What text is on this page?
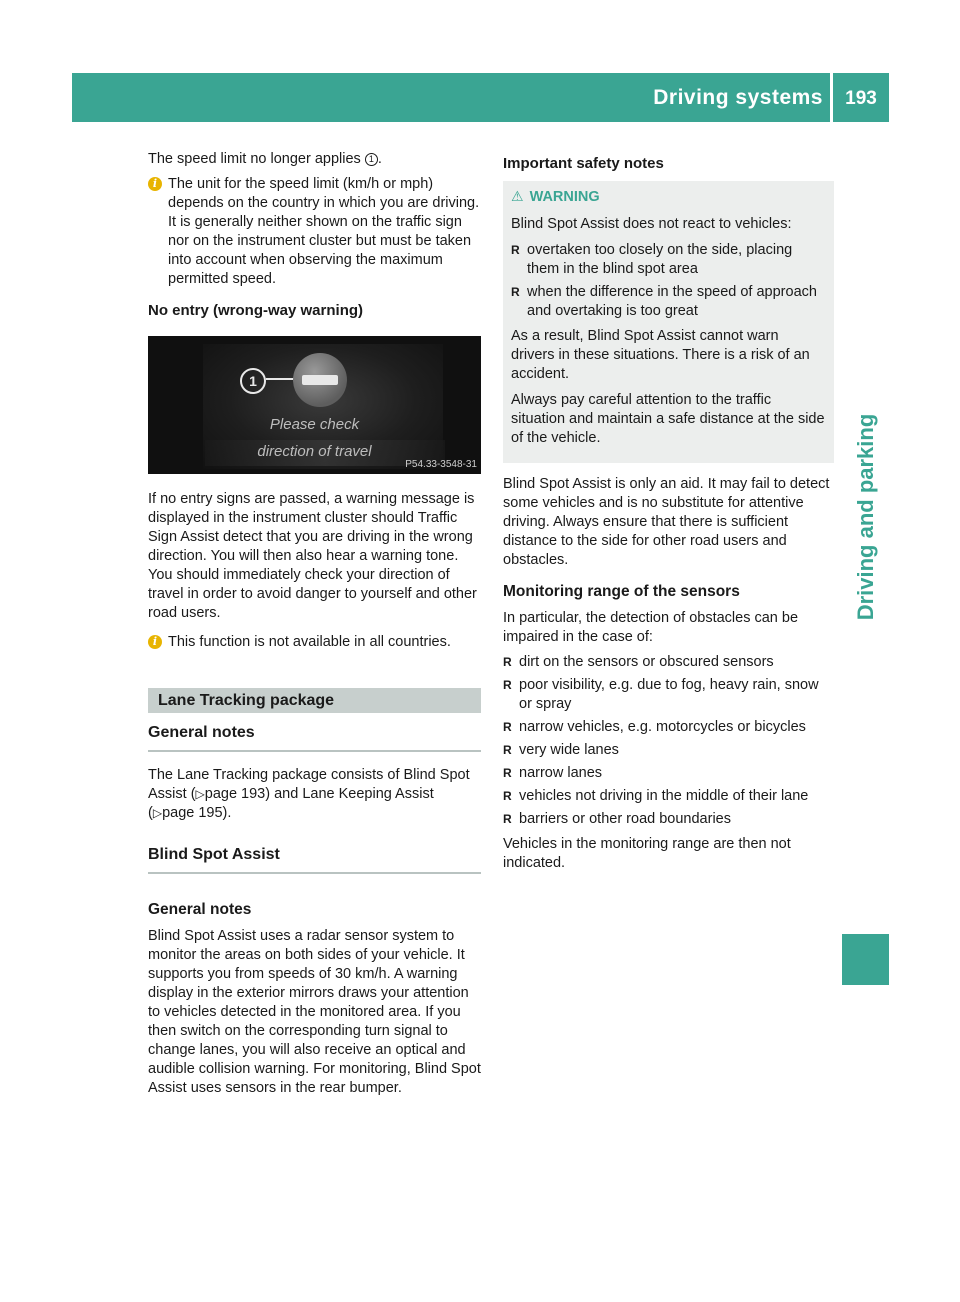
Driving systems	193
Driving and parking

The speed limit no longer applies 1 .

i The unit for the speed limit (km/h or mph) depends on the country in which you are driving. It is generally neither shown on the traffic sign nor on the instrument cluster but must be taken into account when observing the maximum permitted speed.
No entry (wrong-way warning)
1
Please check
direction of travel
P54.33-3548-31

If no entry signs are passed, a warning message is displayed in the instrument cluster should Traffic Sign Assist detect that you are driving in the wrong direction. You will then also hear a warning tone. You should immediately check your direction of travel in order to avoid danger to yourself and other road users.

i This function is not available in all countries.
Lane Tracking package
General notes

The Lane Tracking package consists of Blind Spot Assist (▷page 193) and Lane Keeping Assist (▷page 195).

Blind Spot Assist
General notes

Blind Spot Assist uses a radar sensor system to monitor the areas on both sides of your vehicle. It supports you from speeds of 30 km/h. A warning display in the exterior mirrors draws your attention to vehicles detected in the monitored area. If you then switch on the corresponding turn signal to change lanes, you will also receive an optical and audible collision warning. For monitoring, Blind Spot Assist uses sensors in the rear bumper.

Important safety notes
⚠ WARNING

Blind Spot Assist does not react to vehicles:

R overtaken too closely on the side, placing them in the blind spot area
R when the difference in the speed of approach and overtaking is too great

As a result, Blind Spot Assist cannot warn drivers in these situations. There is a risk of an accident.

Always pay careful attention to the traffic situation and maintain a safe distance at the side of the vehicle.

Blind Spot Assist is only an aid. It may fail to detect some vehicles and is no substitute for attentive driving. Always ensure that there is sufficient distance to the side for other road users and obstacles.

Monitoring range of the sensors

In particular, the detection of obstacles can be impaired in the case of:

R dirt on the sensors or obscured sensors
R poor visibility, e.g. due to fog, heavy rain, snow or spray
R narrow vehicles, e.g. motorcycles or bicycles
R very wide lanes
R narrow lanes
R vehicles not driving in the middle of their lane
R barriers or other road boundaries

Vehicles in the monitoring range are then not indicated.
